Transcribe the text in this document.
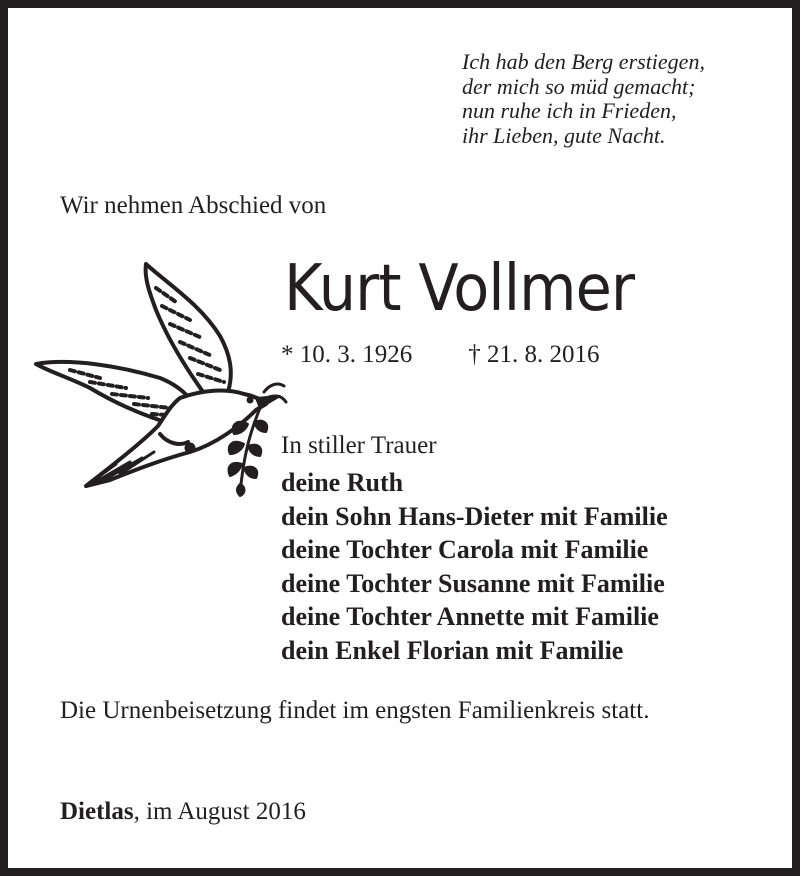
Ich hab den Berg erstiegen,
der mich so müd gemacht;
nun ruhe ich in Frieden,
ihr Lieben, gute Nacht.
Wir nehmen Abschied von
Kurt Vollmer
* 10. 3. 1926 † 21. 8. 2016
In stiller Trauer
deine Ruth
dein Sohn Hans-Dieter mit Familie
deine Tochter Carola mit Familie
deine Tochter Susanne mit Familie
deine Tochter Annette mit Familie
dein Enkel Florian mit Familie
Die Urnenbeisetzung findet im engsten Familienkreis statt.
Dietlas, im August 2016
